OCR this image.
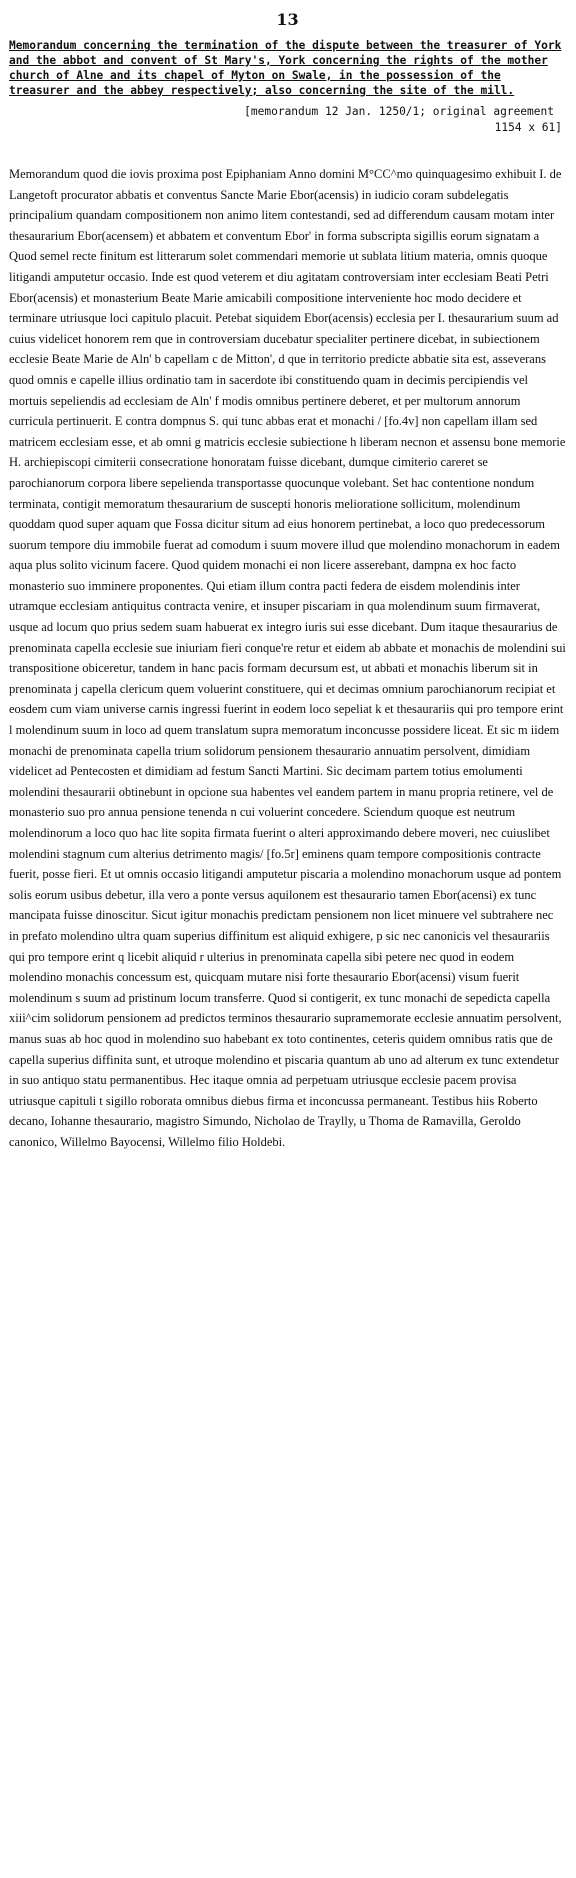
13

Memorandum concerning the termination of the dispute between the treasurer of York and the abbot and convent of St Mary's, York concerning the rights of the mother church of Alne and its chapel of Myton on Swale, in the possession of the treasurer and the abbey respectively; also concerning the site of the mill.

[memorandum 12 Jan. 1250/1; original agreement
1154 x 61]

Memorandum quod die iovis proxima post Epiphaniam Anno domini M°CC^mo quinquagesimo exhibuit I. de Langetoft procurator abbatis et conventus Sancte Marie Ebor(acensis) in iudicio coram subdelegatis principalium quandam compositionem non animo litem contestandi, sed ad differendum causam motam inter thesaurarium Ebor(acensem) et abbatem et conventum Ebor' in forma subscripta sigillis eorum signatam a Quod semel recte finitum est litterarum solet commendari memorie ut sublata litium materia, omnis quoque litigandi amputetur occasio. Inde est quod veterem et diu agitatam controversiam inter ecclesiam Beati Petri Ebor(acensis) et monasterium Beate Marie amicabili compositione interveniente hoc modo decidere et terminare utriusque loci capitulo placuit. Petebat siquidem Ebor(acensis) ecclesia per I. thesaurarium suum ad cuius videlicet honorem rem que in controversiam ducebatur specialiter pertinere dicebat, in subiectionem ecclesie Beate Marie de Aln' b capellam c de Mitton', d que in territorio predicte abbatie sita est, asseverans quod omnis e capelle illius ordinatio tam in sacerdote ibi constituendo quam in decimis percipiendis vel mortuis sepeliendis ad ecclesiam de Aln' f modis omnibus pertinere deberet, et per multorum annorum curricula pertinuerit. E contra dompnus S. qui tunc abbas erat et monachi / [fo.4v] non capellam illam sed matricem ecclesiam esse, et ab omni g matricis ecclesie subiectione h liberam necnon et assensu bone memorie H. archiepiscopi cimiterii consecratione honoratam fuisse dicebant, dumque cimiterio careret se parochianorum corpora libere sepelienda transportasse quocunque volebant. Set hac contentione nondum terminata, contigit memoratum thesaurarium de suscepti honoris melioratione sollicitum, molendinum quoddam quod super aquam que Fossa dicitur situm ad eius honorem pertinebat, a loco quo predecessorum suorum tempore diu immobile fuerat ad comodum i suum movere illud que molendino monachorum in eadem aqua plus solito vicinum facere. Quod quidem monachi ei non licere asserebant, dampna ex hoc facto monasterio suo imminere proponentes. Qui etiam illum contra pacti federa de eisdem molendinis inter utramque ecclesiam antiquitus contracta venire, et insuper piscariam in qua molendinum suum firmaverat, usque ad locum quo prius sedem suam habuerat ex integro iuris sui esse dicebant. Dum itaque thesaurarius de prenominata capella ecclesie sue iniuriam fieri conque're retur et eidem ab abbate et monachis de molendini sui transpositione obiceretur, tandem in hanc pacis formam decursum est, ut abbati et monachis liberum sit in prenominata j capella clericum quem voluerint constituere, qui et decimas omnium parochianorum recipiat et eosdem cum viam universe carnis ingressi fuerint in eodem loco sepeliat k et thesaurariis qui pro tempore erint l molendinum suum in loco ad quem translatum supra memoratum inconcusse possidere liceat. Et sic m iidem monachi de prenominata capella trium solidorum pensionem thesaurario annuatim persolvent, dimidiam videlicet ad Pentecosten et dimidiam ad festum Sancti Martini. Sic decimam partem totius emolumenti molendini thesaurarii obtinebunt in opcione sua habentes vel eandem partem in manu propria retinere, vel de monasterio suo pro annua pensione tenenda n cui voluerint concedere. Sciendum quoque est neutrum molendinorum a loco quo hac lite sopita firmata fuerint o alteri approximando debere moveri, nec cuiuslibet molendini stagnum cum alterius detrimento magis/ [fo.5r] eminens quam tempore compositionis contracte fuerit, posse fieri. Et ut omnis occasio litigandi amputetur piscaria a molendino monachorum usque ad pontem solis eorum usibus debetur, illa vero a ponte versus aquilonem est thesaurario tamen Ebor(acensi) ex tunc mancipata fuisse dinoscitur. Sicut igitur monachis predictam pensionem non licet minuere vel subtrahere nec in prefato molendino ultra quam superius diffinitum est aliquid exhigere, p sic nec canonicis vel thesaurariis qui pro tempore erint q licebit aliquid r ulterius in prenominata capella sibi petere nec quod in eodem molendino monachis concessum est, quicquam mutare nisi forte thesaurario Ebor(acensi) visum fuerit molendinum s suum ad pristinum locum transferre. Quod si contigerit, ex tunc monachi de sepedicta capella xiii^cim solidorum pensionem ad predictos terminos thesaurario supramemorate ecclesie annuatim persolvent, manus suas ab hoc quod in molendino suo habebant ex toto continentes, ceteris quidem omnibus ratis que de capella superius diffinita sunt, et utroque molendino et piscaria quantum ab uno ad alterum ex tunc extendetur in suo antiquo statu permanentibus. Hec itaque omnia ad perpetuam utriusque ecclesie pacem provisa utriusque capituli t sigillo roborata omnibus diebus firma et inconcussa permaneant. Testibus hiis Roberto decano, Iohanne thesaurario, magistro Simundo, Nicholao de Traylly, u Thoma de Ramavilla, Geroldo canonico, Willelmo Bayocensi, Willelmo filio Holdebi.
